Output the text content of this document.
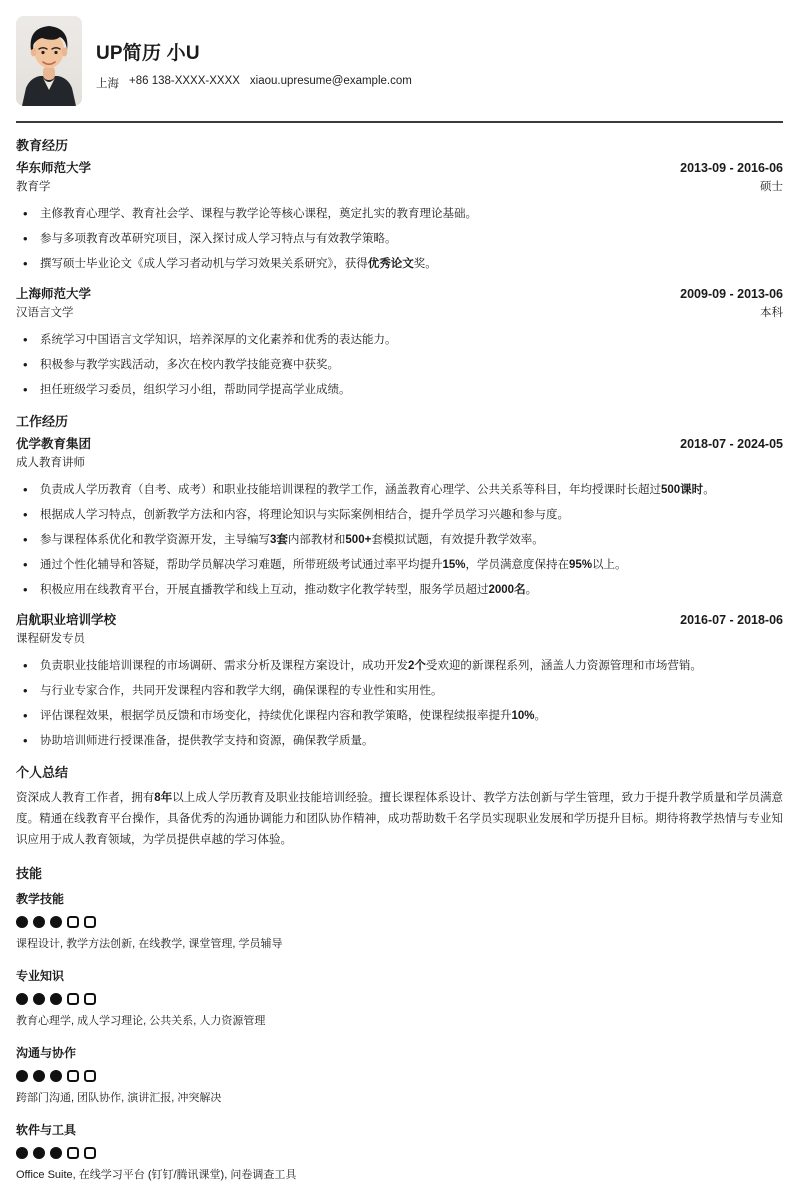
UP简历 小U
上海 +86 138-XXXX-XXXX xiaou.upresume@example.com
教育经历
华东师范大学	2013-09 - 2016-06
教育学	硕士
• 主修教育心理学、教育社会学、课程与教学论等核心课程，奠定扎实的教育理论基础。
• 参与多项教育改革研究项目，深入探讨成人学习特点与有效教学策略。
• 撰写硕士毕业论文《成人学习者动机与学习效果关系研究》，获得优秀论文奖。
上海师范大学	2009-09 - 2013-06
汉语言文学	本科
• 系统学习中国语言文学知识，培养深厚的文化素养和优秀的表达能力。
• 积极参与教学实践活动，多次在校内教学技能竞赛中获奖。
• 担任班级学习委员，组织学习小组，帮助同学提高学业成绩。
工作经历
优学教育集团	2018-07 - 2024-05
成人教育讲师
• 负责成人学历教育（自考、成考）和职业技能培训课程的教学工作，涵盖教育心理学、公共关系等科目，年均授课时长超过500课时。
• 根据成人学习特点，创新教学方法和内容，将理论知识与实际案例相结合，提升学员学习兴趣和参与度。
• 参与课程体系优化和教学资源开发，主导编写3套内部教材和500+套模拟试题，有效提升教学效率。
• 通过个性化辅导和答疑，帮助学员解决学习难题，所带班级考试通过率平均提升15%，学员满意度保持在95%以上。
• 积极应用在线教育平台，开展直播教学和线上互动，推动数字化教学转型，服务学员超过2000名。
启航职业培训学校	2016-07 - 2018-06
课程研发专员
• 负责职业技能培训课程的市场调研、需求分析及课程方案设计，成功开发2个受欢迎的新课程系列，涵盖人力资源管理和市场营销。
• 与行业专家合作，共同开发课程内容和教学大纲，确保课程的专业性和实用性。
• 评估课程效果，根据学员反馈和市场变化，持续优化课程内容和教学策略，使课程续报率提升10%。
• 协助培训师进行授课准备，提供教学支持和资源，确保教学质量。
个人总结
资深成人教育工作者，拥有8年以上成人学历教育及职业技能培训经验。擅长课程体系设计、教学方法创新与学生管理，致力于提升教学质量和学员满意度。精通在线教育平台操作，具备优秀的沟通协调能力和团队协作精神，成功帮助数千名学员实现职业发展和学历提升目标。期待将教学热情与专业知识应用于成人教育领域，为学员提供卓越的学习体验。
技能
教学技能
课程设计, 教学方法创新, 在线教学, 课堂管理, 学员辅导
专业知识
教育心理学, 成人学习理论, 公共关系, 人力资源管理
沟通与协作
跨部门沟通, 团队协作, 演讲汇报, 冲突解决
软件与工具
Office Suite, 在线学习平台 (钉钉/腾讯课堂), 问卷调查工具
